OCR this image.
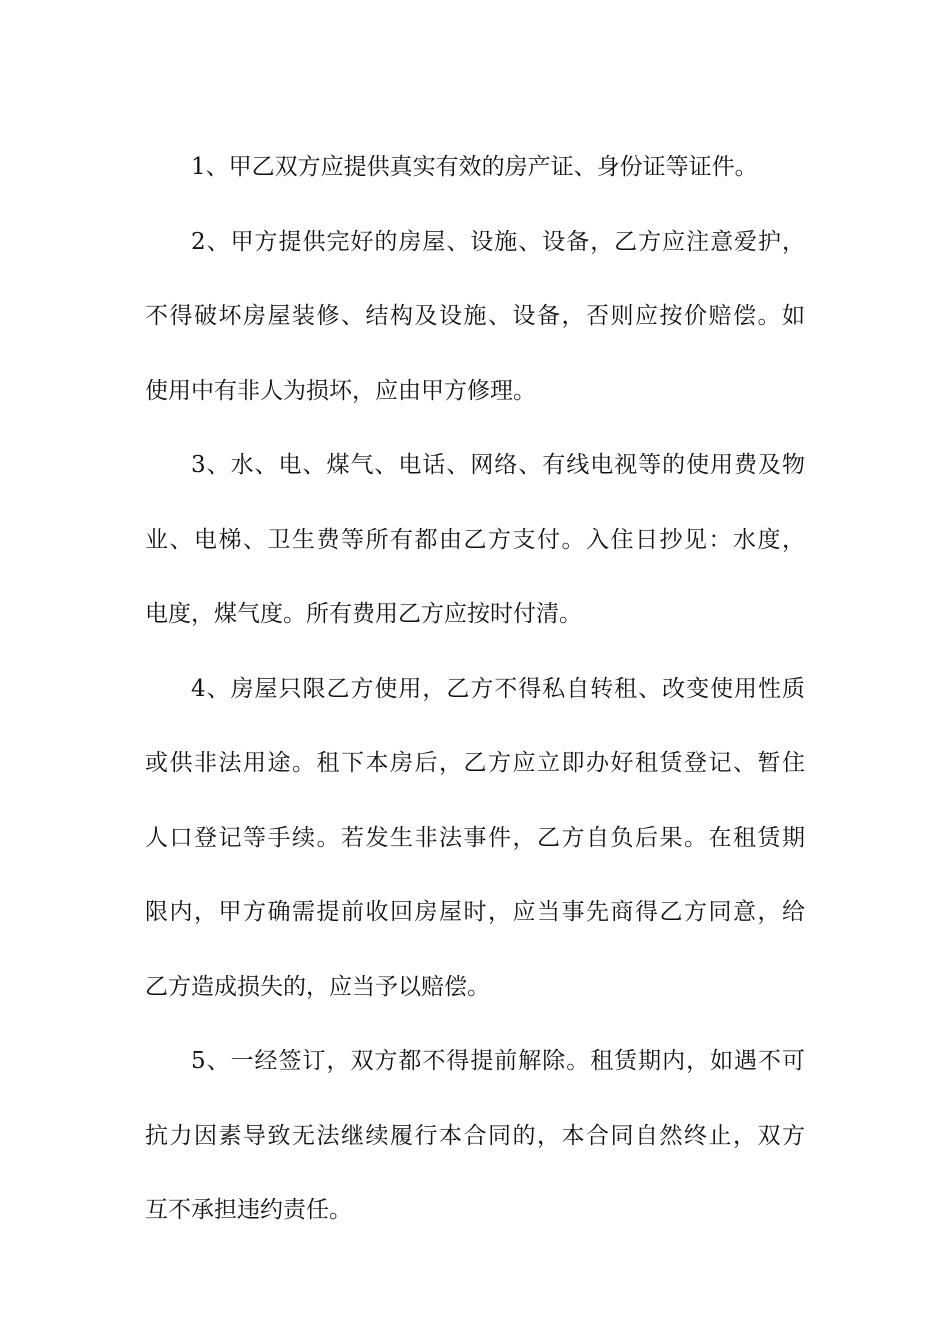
1、甲乙双方应提供真实有效的房产证、身份证等证件。
2、甲方提供完好的房屋、设施、设备，乙方应注意爱护，
不得破坏房屋装修、结构及设施、设备，否则应按价赔偿。如
使用中有非人为损坏，应由甲方修理。
3、水、电、煤气、电话、网络、有线电视等的使用费及物
业、电梯、卫生费等所有都由乙方支付。入住日抄见：水度，
电度，煤气度。所有费用乙方应按时付清。
4、房屋只限乙方使用，乙方不得私自转租、改变使用性质
或供非法用途。租下本房后，乙方应立即办好租赁登记、暂住
人口登记等手续。若发生非法事件，乙方自负后果。在租赁期
限内，甲方确需提前收回房屋时，应当事先商得乙方同意，给
乙方造成损失的，应当予以赔偿。
5、一经签订，双方都不得提前解除。租赁期内，如遇不可
抗力因素导致无法继续履行本合同的，本合同自然终止，双方
互不承担违约责任。
